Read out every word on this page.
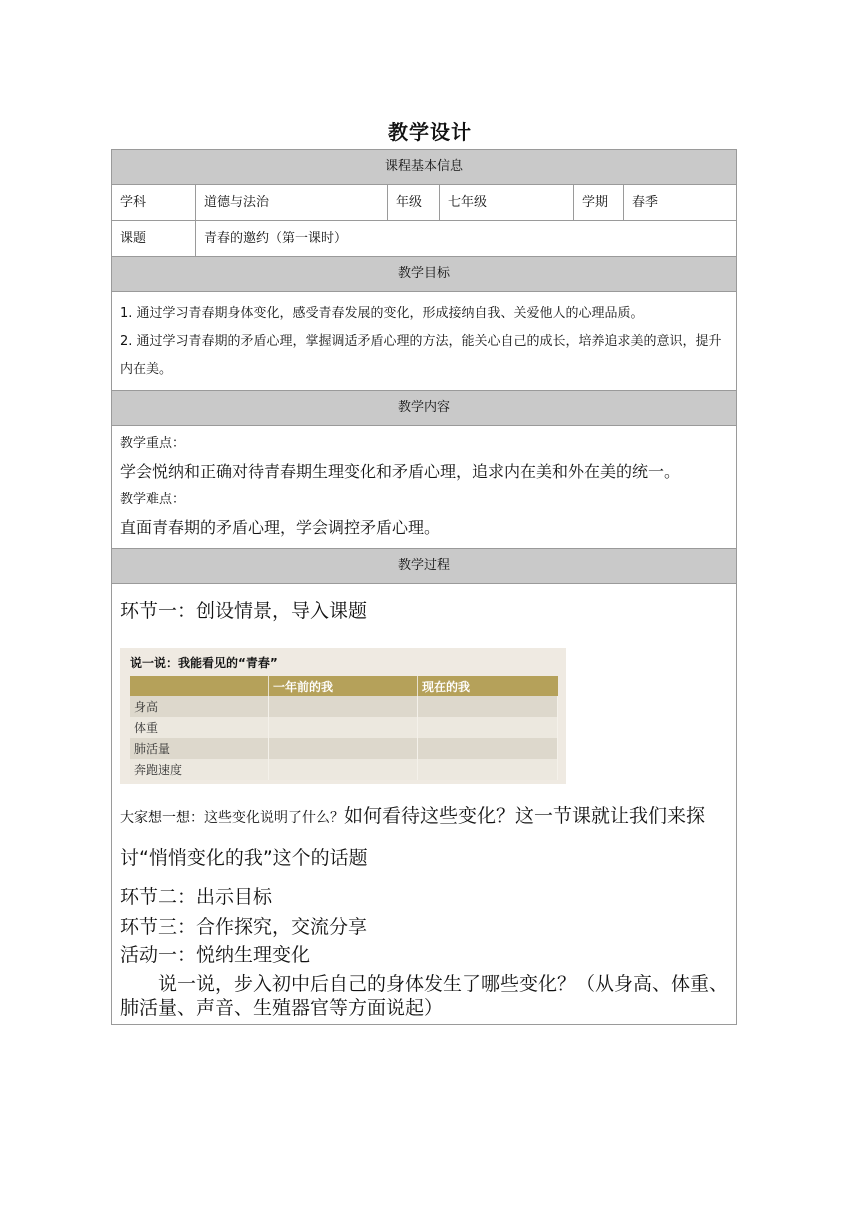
教学设计
课程基本信息
学科	道德与法治	年级	七年级	学期	春季
课题	青春的邀约（第一课时）
教学目标

1. 通过学习青春期身体变化，感受青春发展的变化，形成接纳自我、关爱他人的心理品质。

2. 通过学习青春期的矛盾心理，掌握调适矛盾心理的方法，能关心自己的成长，培养追求美的意识，提升内在美。

教学内容
教学重点：
学会悦纳和正确对待青春期生理变化和矛盾心理，追求内在美和外在美的统一。
教学难点：
直面青春期的矛盾心理，学会调控矛盾心理。
教学过程
环节一：创设情景，导入课题
说一说：我能看见的“青春”
	一年前的我	现在的我
身高		
体重		
肺活量		
奔跑速度		
大家想一想：这些变化说明了什么？如何看待这些变化？这一节课就让我们来探讨“悄悄变化的我”这个的话题
环节二：出示目标
环节三：合作探究，交流分享
活动一：悦纳生理变化
说一说，步入初中后自己的身体发生了哪些变化？（从身高、体重、肺活量、声音、生殖器官等方面说起）
